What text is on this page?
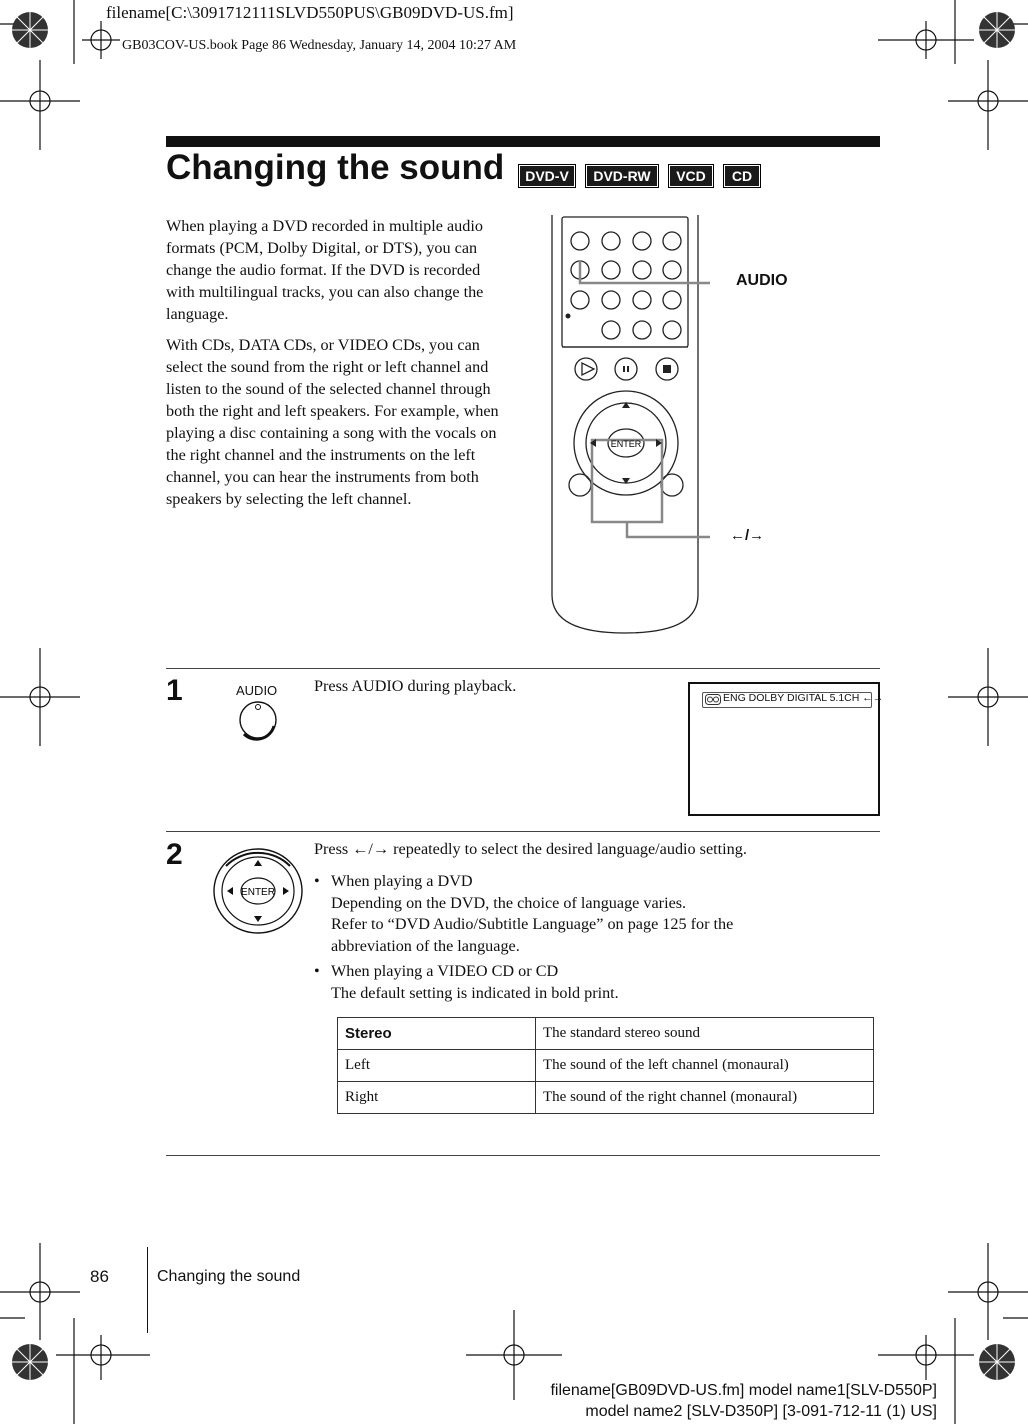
filename[C:\3091712111SLVD550PUS\GB09DVD-US.fm]
GB03COV-US.book Page 86 Wednesday, January 14, 2004 10:27 AM
Changing the sound	DVD-V	DVD-RW	VCD	CD
When playing a DVD recorded in multiple audio formats (PCM, Dolby Digital, or DTS), you can change the audio format. If the DVD is recorded with multilingual tracks, you can also change the language.
With CDs, DATA CDs, or VIDEO CDs, you can select the sound from the right or left channel and listen to the sound of the selected channel through both the right and left speakers. For example, when playing a disc containing a song with the vocals on the right channel and the instruments on the left channel, you can hear the instruments from both speakers by selecting the left channel.
ENTER
AUDIO
←/→
1	AUDIO Press AUDIO during playback.
ENG DOLBY DIGITAL 5.1CH ←→
2
ENTER
Press ←/→ repeatedly to select the desired language/audio setting.
• When playing a DVD
Depending on the DVD, the choice of language varies.
Refer to “DVD Audio/Subtitle Language” on page 125 for the
abbreviation of the language.
• When playing a VIDEO CD or CD
The default setting is indicated in bold print.
Stereo	The standard stereo sound
Left	The sound of the left channel (monaural)
Right	The sound of the right channel (monaural)
86	Changing the sound
filename[GB09DVD-US.fm] model name1[SLV-D550P]
model name2 [SLV-D350P] [3-091-712-11 (1) US]
